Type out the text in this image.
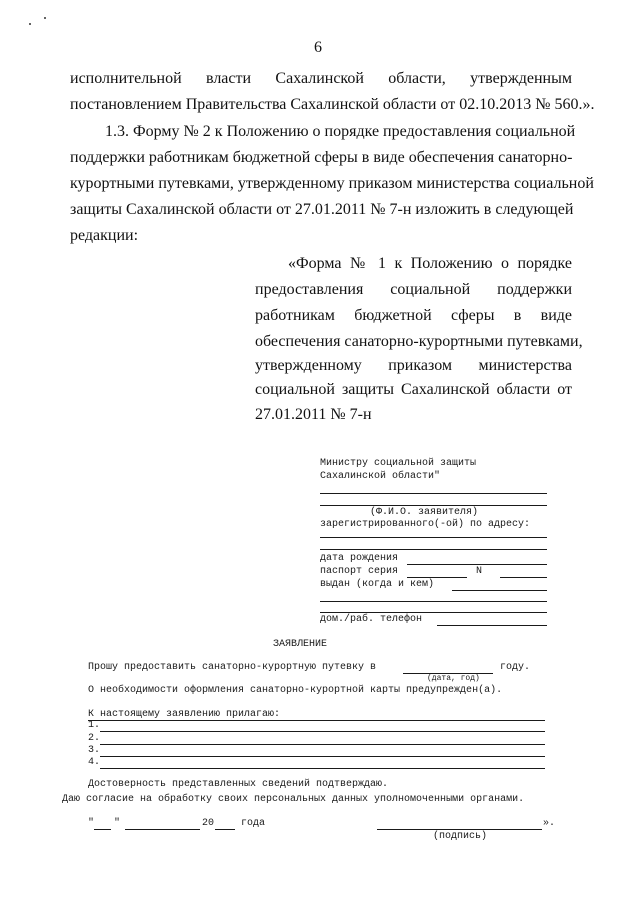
6
исполнительной власти Сахалинской области, утвержденным
постановлением Правительства Сахалинской области от 02.10.2013 № 560.».
1.3. Форму № 2 к Положению о порядке предоставления социальной
поддержки работникам бюджетной сферы в виде обеспечения санаторно-
курортными путевками, утвержденному приказом министерства социальной
защиты Сахалинской области от 27.01.2011 № 7-н изложить в следующей
редакции:
«Форма № 1 к Положению о порядке
предоставления социальной поддержки
работникам бюджетной сферы в виде
обеспечения санаторно-курортными путевками,
утвержденному приказом министерства
социальной защиты Сахалинской области от
27.01.2011 № 7-н
Министру социальной защиты
Сахалинской области"
(Ф.И.О. заявителя)
зарегистрированного(-ой) по адресу:
дата рождения
паспорт серия	N
выдан (когда и кем)
дом./раб. телефон
ЗАЯВЛЕНИЕ
Прошу предоставить санаторно-курортную путевку в	году.
(дата, год)
О необходимости оформления санаторно-курортной карты предупрежден(а).
К настоящему заявлению прилагаю:
1.
2.
3.
4.
Достоверность представленных сведений подтверждаю.
Даю согласие на обработку своих персональных данных уполномоченными органами.
" "	20	года	».
(подпись)
